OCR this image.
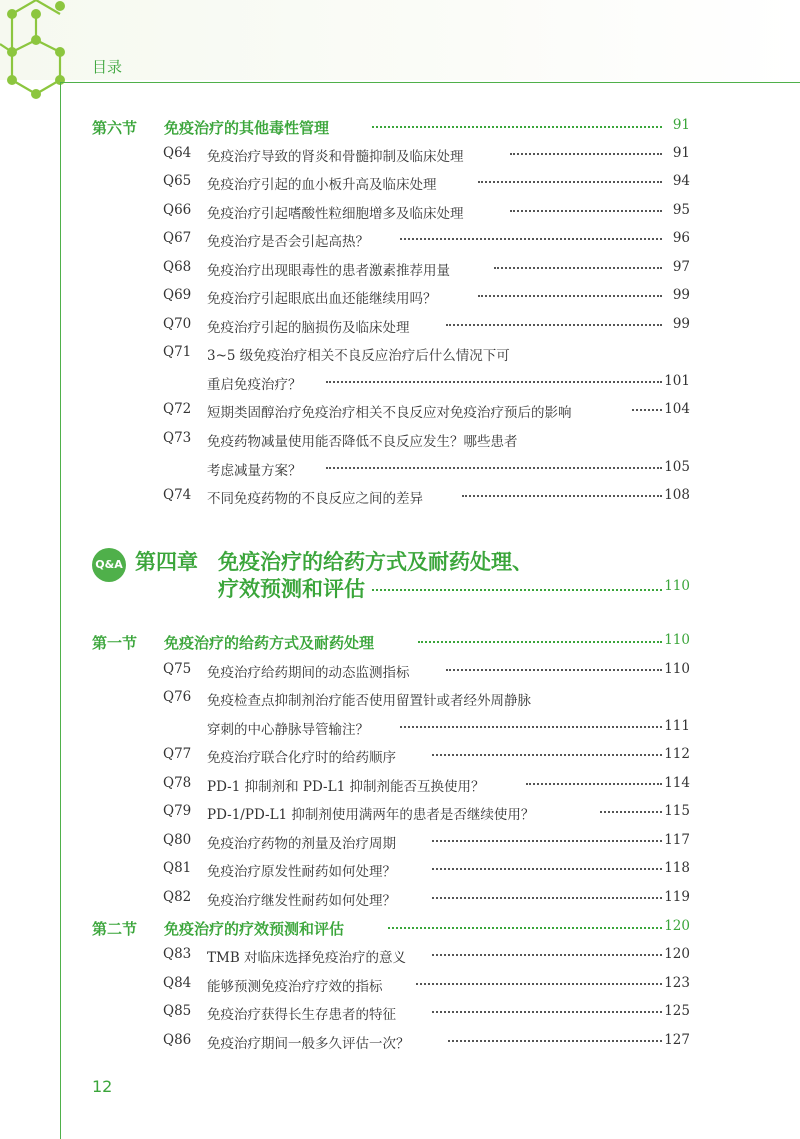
目录
第六节 免疫治疗的其他毒性管理	91
Q64 免疫治疗导致的肾炎和骨髓抑制及临床处理	91
Q65 免疫治疗引起的血小板升高及临床处理	94
Q66 免疫治疗引起嗜酸性粒细胞增多及临床处理	95
Q67 免疫治疗是否会引起高热？	96
Q68 免疫治疗出现眼毒性的患者激素推荐用量	97
Q69 免疫治疗引起眼底出血还能继续用吗？	99
Q70 免疫治疗引起的脑损伤及临床处理	99
Q71 3~5 级免疫治疗相关不良反应治疗后什么情况下可
重启免疫治疗？	101
Q72 短期类固醇治疗免疫治疗相关不良反应对免疫治疗预后的影响	104
Q73 免疫药物减量使用能否降低不良反应发生？哪些患者
考虑减量方案？	105
Q74 不同免疫药物的不良反应之间的差异	108
Q&A 第四章 免疫治疗的给药方式及耐药处理、
疗效预测和评估	110
第一节 免疫治疗的给药方式及耐药处理	110
Q75 免疫治疗给药期间的动态监测指标	110
Q76 免疫检查点抑制剂治疗能否使用留置针或者经外周静脉
穿刺的中心静脉导管输注？	111
Q77 免疫治疗联合化疗时的给药顺序	112
Q78 PD-1 抑制剂和 PD-L1 抑制剂能否互换使用？	114
Q79 PD-1/PD-L1 抑制剂使用满两年的患者是否继续使用？	115
Q80 免疫治疗药物的剂量及治疗周期	117
Q81 免疫治疗原发性耐药如何处理？	118
Q82 免疫治疗继发性耐药如何处理？	119
第二节 免疫治疗的疗效预测和评估	120
Q83 TMB 对临床选择免疫治疗的意义	120
Q84 能够预测免疫治疗疗效的指标	123
Q85 免疫治疗获得长生存患者的特征	125
Q86 免疫治疗期间一般多久评估一次？	127
12
